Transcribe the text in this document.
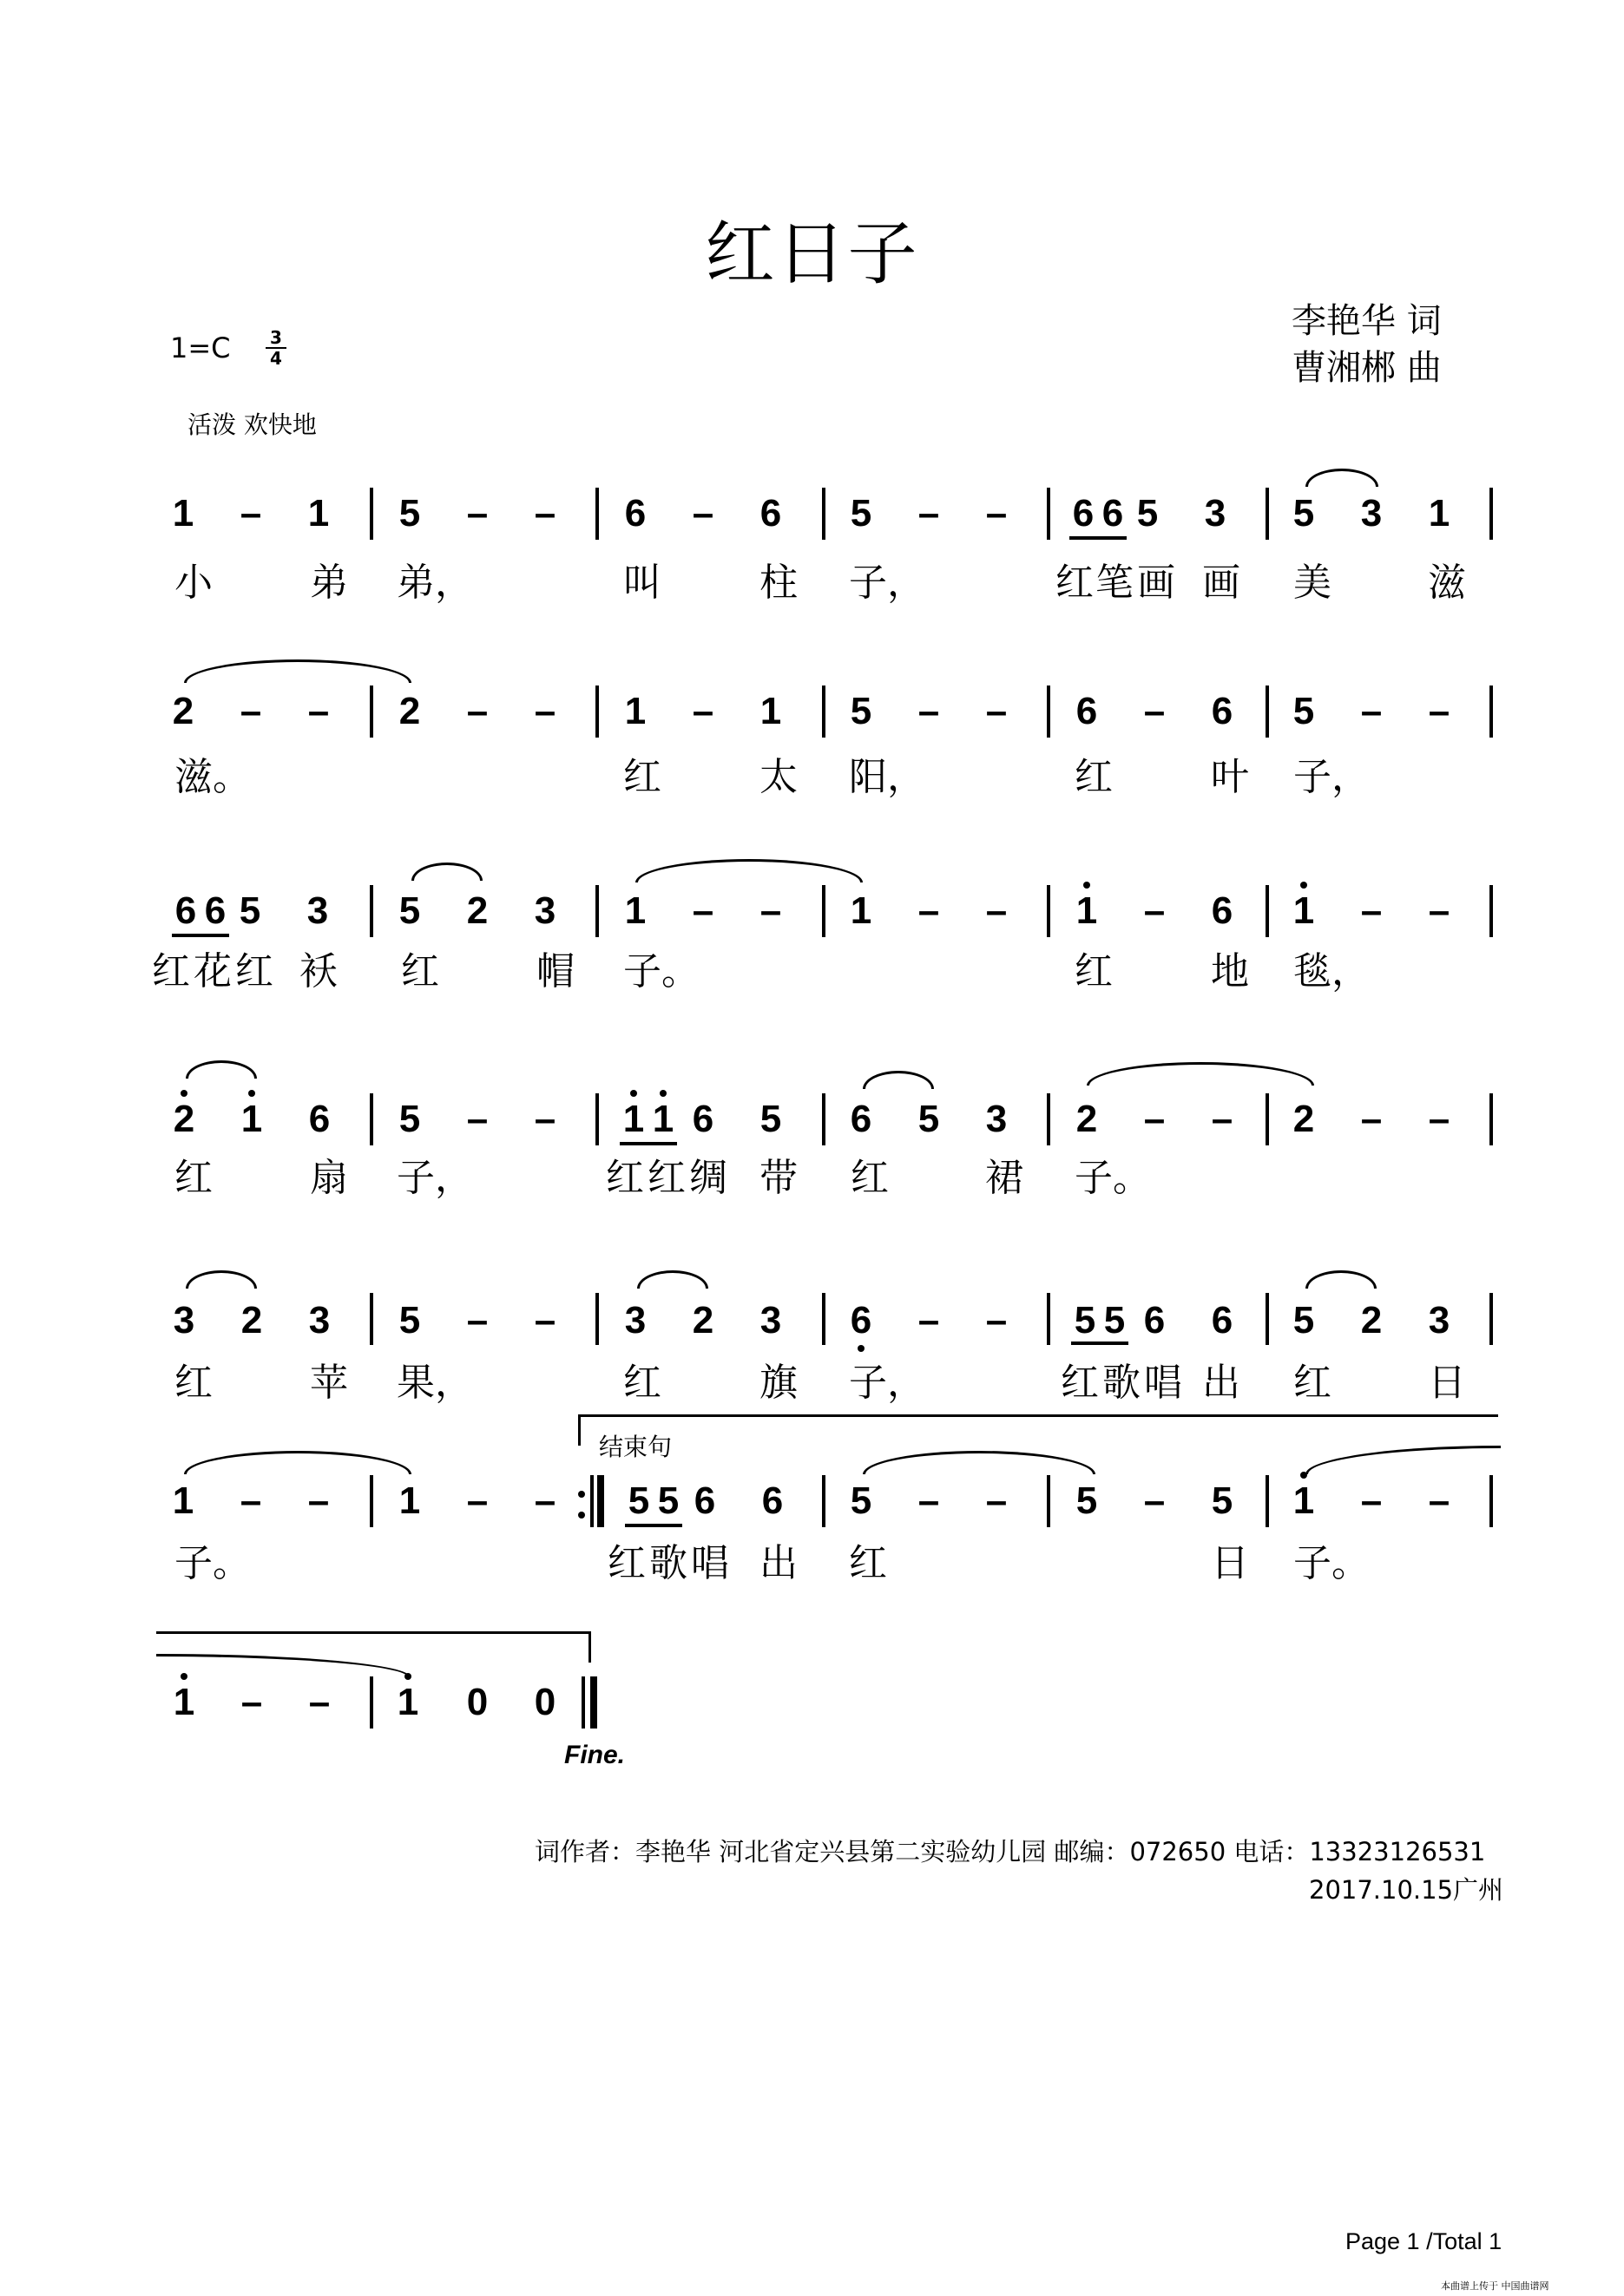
红日子
李艳华 词
曹湘郴 曲
1=C 3
4
活泼 欢快地
1 – 1 5 – – 6 – 6 5 – – 6 6 5 3 5 3 1
小	弟 弟，	叫	柱 子，	红 笔 画 画 美	滋
2 – – 2 – – 1 – 1 5 – – 6 – 6 5 – –
滋。	红	太 阳，	红	叶 子，
6 6 5 3 5 2 3 1 – – 1 – – 1 – 6 1 – –
红 花 红 袄 红	帽 子。	红	地 毯，
2 1 6 5 – – 1 1 6 5 6 5 3 2 – – 2 – –
红	扇 子，	红 红 绸 带 红	裙 子。
3 2 3 5 – – 3 2 3 6 – – 5 5 6 6 5 2 3
红	苹 果，	红	旗 子，	红 歌 唱 出 红	日
结束句
1 – – 1 – – 5 5 6 6 5 – – 5 – 5 1 – –
子。	红 歌 唱 出 红	日 子。
1 – – 1 0 0
Fine.
词作者：李艳华 河北省定兴县第二实验幼儿园 邮编：072650 电话：13323126531
2017.10.15广州
Page 1 /Total 1
本曲谱上传于 中国曲谱网
